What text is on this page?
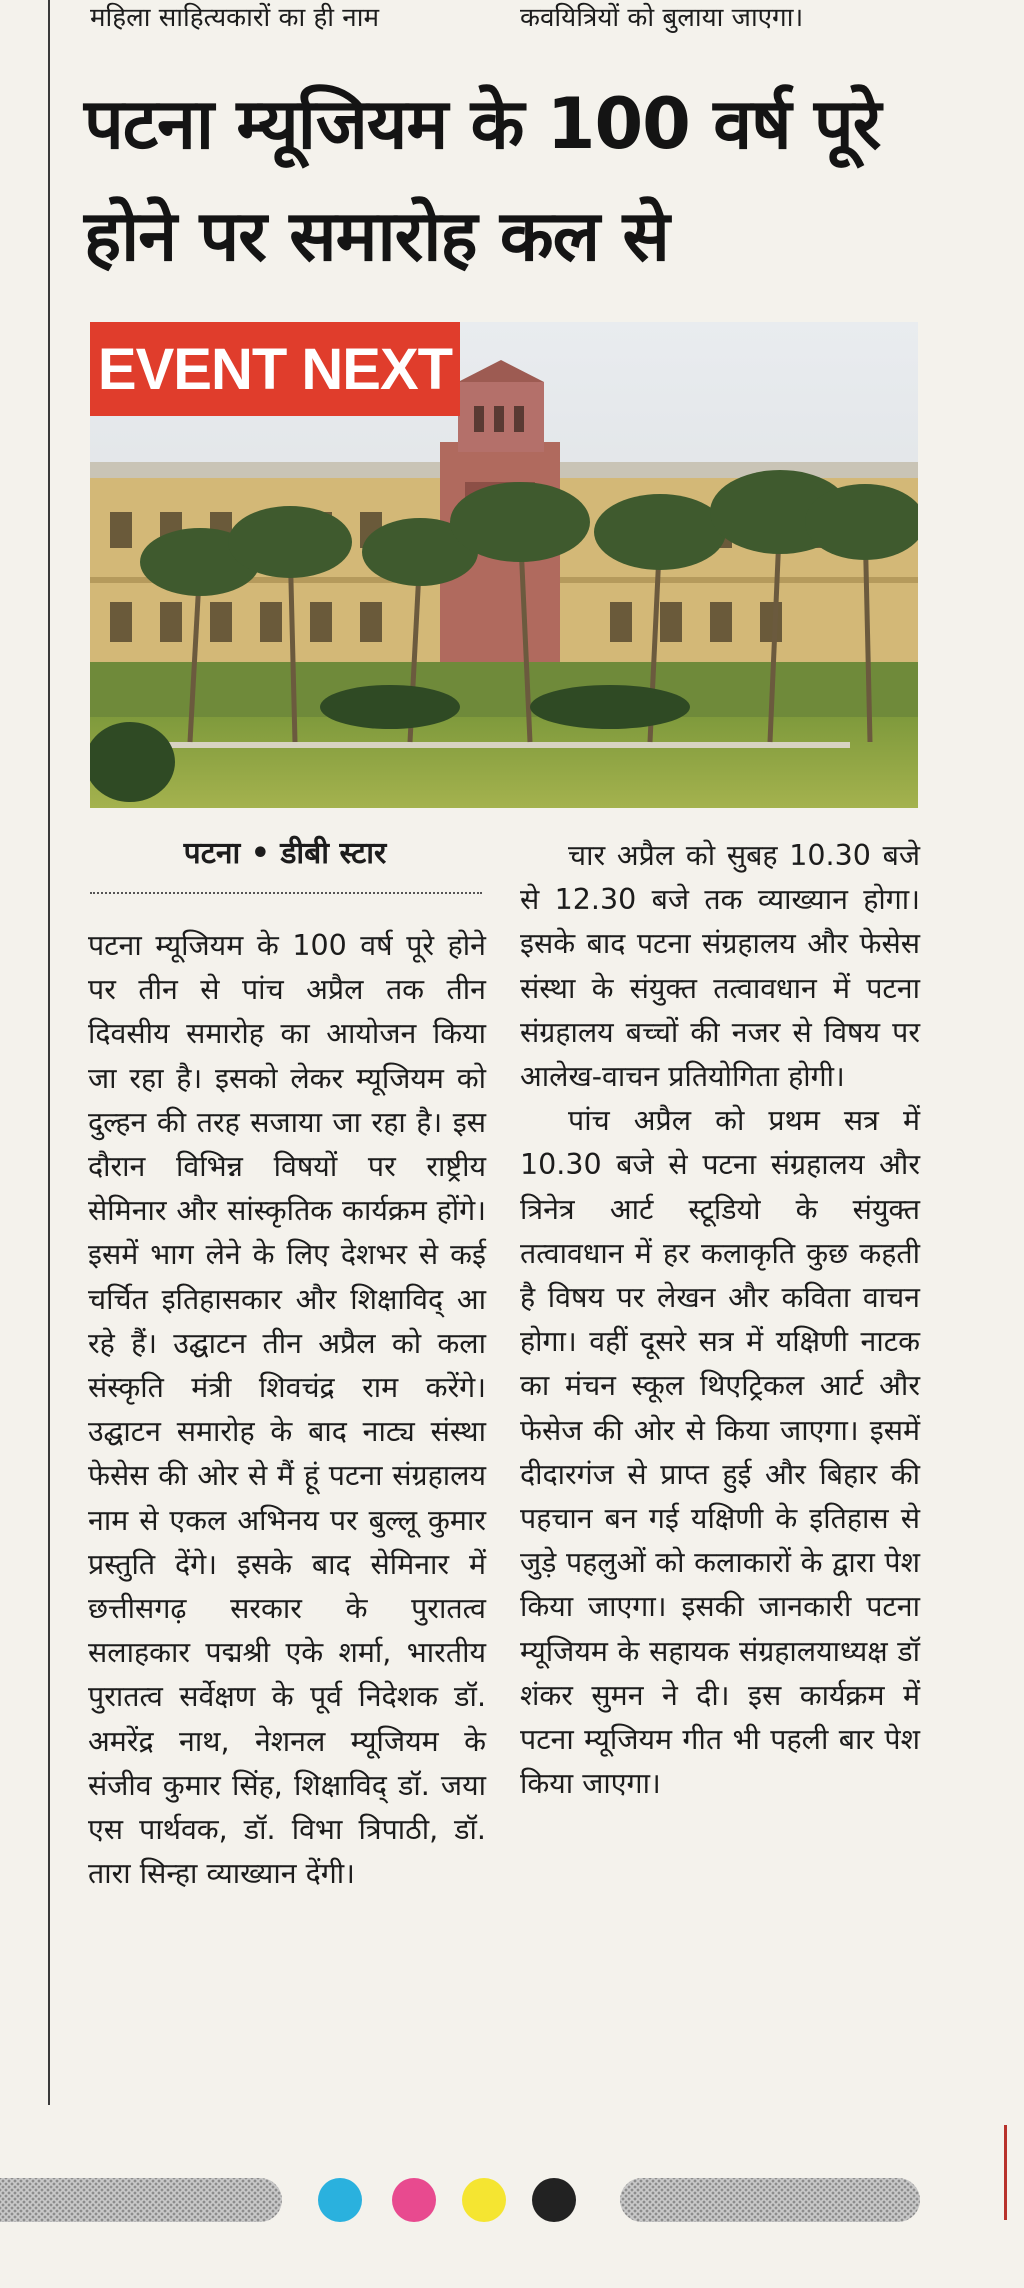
महिला साहित्यकारों का ही नाम	कवयित्रियों को बुलाया जाएगा।
पटना म्यूजियम के 100 वर्ष पूरे होने पर समारोह कल से
EVENT NEXT
पटना • डीबी स्टार

पटना म्यूजियम के 100 वर्ष पूरे होने पर तीन से पांच अप्रैल तक तीन दिवसीय समारोह का आयोजन किया जा रहा है। इसको लेकर म्यूजियम को दुल्हन की तरह सजाया जा रहा है। इस दौरान विभिन्न विषयों पर राष्ट्रीय सेमिनार और सांस्कृतिक कार्यक्रम होंगे। इसमें भाग लेने के लिए देशभर से कई चर्चित इतिहासकार और शिक्षाविद् आ रहे हैं। उद्घाटन तीन अप्रैल को कला संस्कृति मंत्री शिवचंद्र राम करेंगे। उद्घाटन समारोह के बाद नाट्य संस्था फेसेस की ओर से मैं हूं पटना संग्रहालय नाम से एकल अभिनय पर बुल्लू कुमार प्रस्तुति देंगे। इसके बाद सेमिनार में छत्तीसगढ़ सरकार के पुरातत्व सलाहकार पद्मश्री एके शर्मा, भारतीय पुरातत्व सर्वेक्षण के पूर्व निदेशक डॉ. अमरेंद्र नाथ, नेशनल म्यूजियम के संजीव कुमार सिंह, शिक्षाविद् डॉ. जया एस पार्थवक, डॉ. विभा त्रिपाठी, डॉ. तारा सिन्हा व्याख्यान देंगी।

चार अप्रैल को सुबह 10.30 बजे से 12.30 बजे तक व्याख्यान होगा। इसके बाद पटना संग्रहालय और फेसेस संस्था के संयुक्त तत्वावधान में पटना संग्रहालय बच्चों की नजर से विषय पर आलेख-वाचन प्रतियोगिता होगी।

पांच अप्रैल को प्रथम सत्र में 10.30 बजे से पटना संग्रहालय और त्रिनेत्र आर्ट स्टूडियो के संयुक्त तत्वावधान में हर कलाकृति कुछ कहती है विषय पर लेखन और कविता वाचन होगा। वहीं दूसरे सत्र में यक्षिणी नाटक का मंचन स्कूल थिएट्रिकल आर्ट और फेसेज की ओर से किया जाएगा। इसमें दीदारगंज से प्राप्त हुई और बिहार की पहचान बन गई यक्षिणी के इतिहास से जुड़े पहलुओं को कलाकारों के द्वारा पेश किया जाएगा। इसकी जानकारी पटना म्यूजियम के सहायक संग्रहालयाध्यक्ष डॉ शंकर सुमन ने दी। इस कार्यक्रम में पटना म्यूजियम गीत भी पहली बार पेश किया जाएगा।
